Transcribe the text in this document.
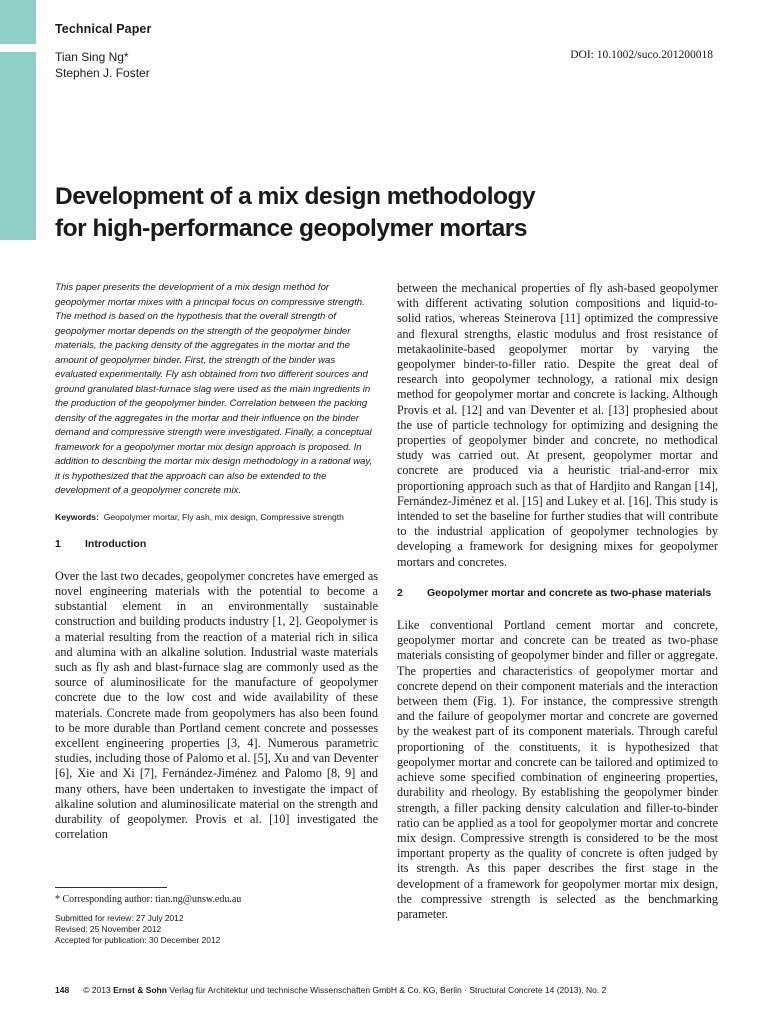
Technical Paper
Tian Sing Ng*
Stephen J. Foster
DOI: 10.1002/suco.201200018
Development of a mix design methodology
for high-performance geopolymer mortars

This paper presents the development of a mix design method for geopolymer mortar mixes with a principal focus on compressive strength. The method is based on the hypothesis that the overall strength of geopolymer mortar depends on the strength of the geopolymer binder materials, the packing density of the aggregates in the mortar and the amount of geopolymer binder. First, the strength of the binder was evaluated experimentally. Fly ash obtained from two different sources and ground granulated blast-furnace slag were used as the main ingredients in the production of the geopolymer binder. Correlation between the packing density of the aggregates in the mortar and their influence on the binder demand and compressive strength were investigated. Finally, a conceptual framework for a geopolymer mortar mix design approach is proposed. In addition to describing the mortar mix design methodology in a rational way, it is hypothesized that the approach can also be extended to the development of a geopolymer concrete mix.

Keywords: Geopolymer mortar, Fly ash, mix design, Compressive strength

1	Introduction

Over the last two decades, geopolymer concretes have emerged as novel engineering materials with the potential to become a substantial element in an environmentally sustainable construction and building products industry [1, 2]. Geopolymer is a material resulting from the reaction of a material rich in silica and alumina with an alkaline solution. Industrial waste materials such as fly ash and blast-furnace slag are commonly used as the source of aluminosilicate for the manufacture of geopolymer concrete due to the low cost and wide availability of these materials. Concrete made from geopolymers has also been found to be more durable than Portland cement concrete and possesses excellent engineering properties [3, 4]. Numerous parametric studies, including those of Palomo et al. [5], Xu and van Deventer [6], Xie and Xi [7], Fernández-Jiménez and Palomo [8, 9] and many others, have been undertaken to investigate the impact of alkaline solution and aluminosilicate material on the strength and durability of geopolymer. Provis et al. [10] investigated the correlation

between the mechanical properties of fly ash-based geopolymer with different activating solution compositions and liquid-to-solid ratios, whereas Steinerova [11] optimized the compressive and flexural strengths, elastic modulus and frost resistance of metakaolinite-based geopolymer mortar by varying the geopolymer binder-to-filler ratio. Despite the great deal of research into geopolymer technology, a rational mix design method for geopolymer mortar and concrete is lacking. Although Provis et al. [12] and van Deventer et al. [13] prophesied about the use of particle technology for optimizing and designing the properties of geopolymer binder and concrete, no methodical study was carried out. At present, geopolymer mortar and concrete are produced via a heuristic trial-and-error mix proportioning approach such as that of Hardjito and Rangan [14], Fernández-Jiménez et al. [15] and Lukey et al. [16]. This study is intended to set the baseline for further studies that will contribute to the industrial application of geopolymer technologies by developing a framework for designing mixes for geopolymer mortars and concretes.

2	Geopolymer mortar and concrete as two-phase materials

Like conventional Portland cement mortar and concrete, geopolymer mortar and concrete can be treated as two-phase materials consisting of geopolymer binder and filler or aggregate. The properties and characteristics of geopolymer mortar and concrete depend on their component materials and the interaction between them (Fig. 1). For instance, the compressive strength and the failure of geopolymer mortar and concrete are governed by the weakest part of its component materials. Through careful proportioning of the constituents, it is hypothesized that geopolymer mortar and concrete can be tailored and optimized to achieve some specified combination of engineering properties, durability and rheology. By establishing the geopolymer binder strength, a filler packing density calculation and filler-to-binder ratio can be applied as a tool for geopolymer mortar and concrete mix design. Compressive strength is considered to be the most important property as the quality of concrete is often judged by its strength. As this paper describes the first stage in the development of a framework for geopolymer mortar mix design, the compressive strength is selected as the benchmarking parameter.

* Corresponding author: tian.ng@unsw.edu.au
Submitted for review: 27 July 2012
Revised: 25 November 2012
Accepted for publication: 30 December 2012
148 © 2013 Ernst & Sohn Verlag für Architektur und technische Wissenschaften GmbH & Co. KG, Berlin · Structural Concrete 14 (2013), No. 2
